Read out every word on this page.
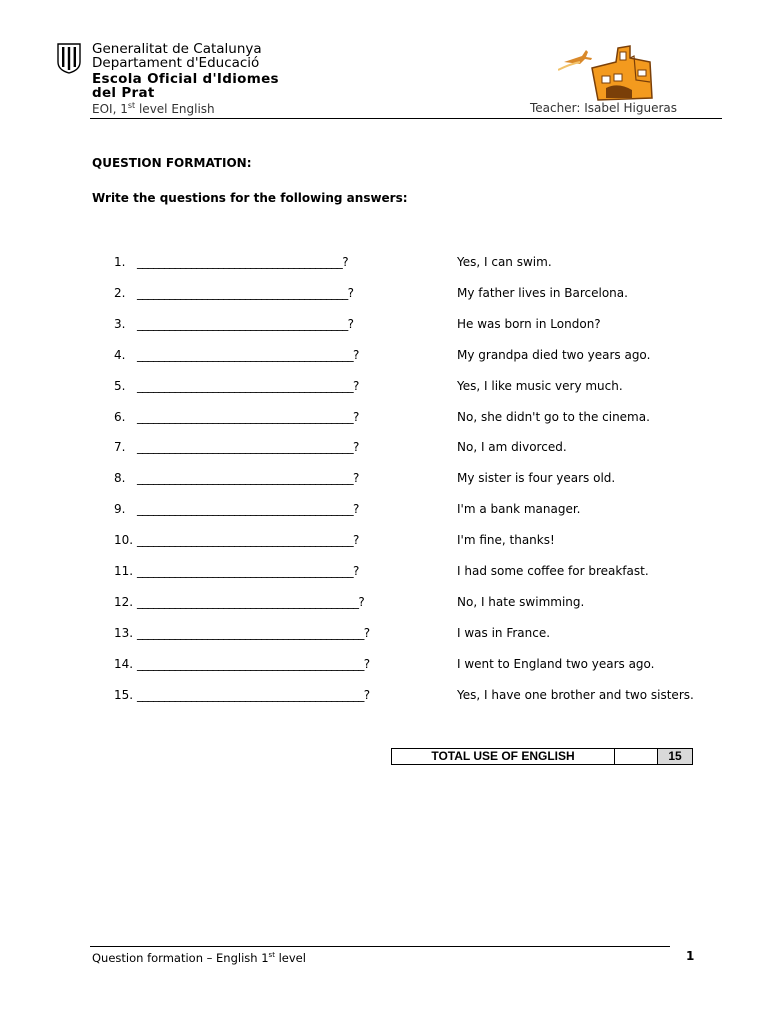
Generalitat de Catalunya
Departament d'Educació
Escola Oficial d'Idiomes
del Prat
EOI, 1st level English	Teacher: Isabel Higueras
QUESTION FORMATION:
Write the questions for the following answers:
1. ______________________________________?	Yes, I can swim.
2. _______________________________________?	My father lives in Barcelona.
3. _______________________________________?	He was born in London?
4. ________________________________________?	My grandpa died two years ago.
5. ________________________________________?	Yes, I like music very much.
6. ________________________________________?	No, she didn't go to the cinema.
7. ________________________________________?	No, I am divorced.
8. ________________________________________?	My sister is four years old.
9. ________________________________________?	I'm a bank manager.
10. ________________________________________?	I'm fine, thanks!
11. ________________________________________?	I had some coffee for breakfast.
12. _________________________________________?	No, I hate swimming.
13. __________________________________________?	I was in France.
14. __________________________________________?	I went to England two years ago.
15. __________________________________________?	Yes, I have one brother and two sisters.
TOTAL USE OF ENGLISH	15
Question formation – English 1st level	1
